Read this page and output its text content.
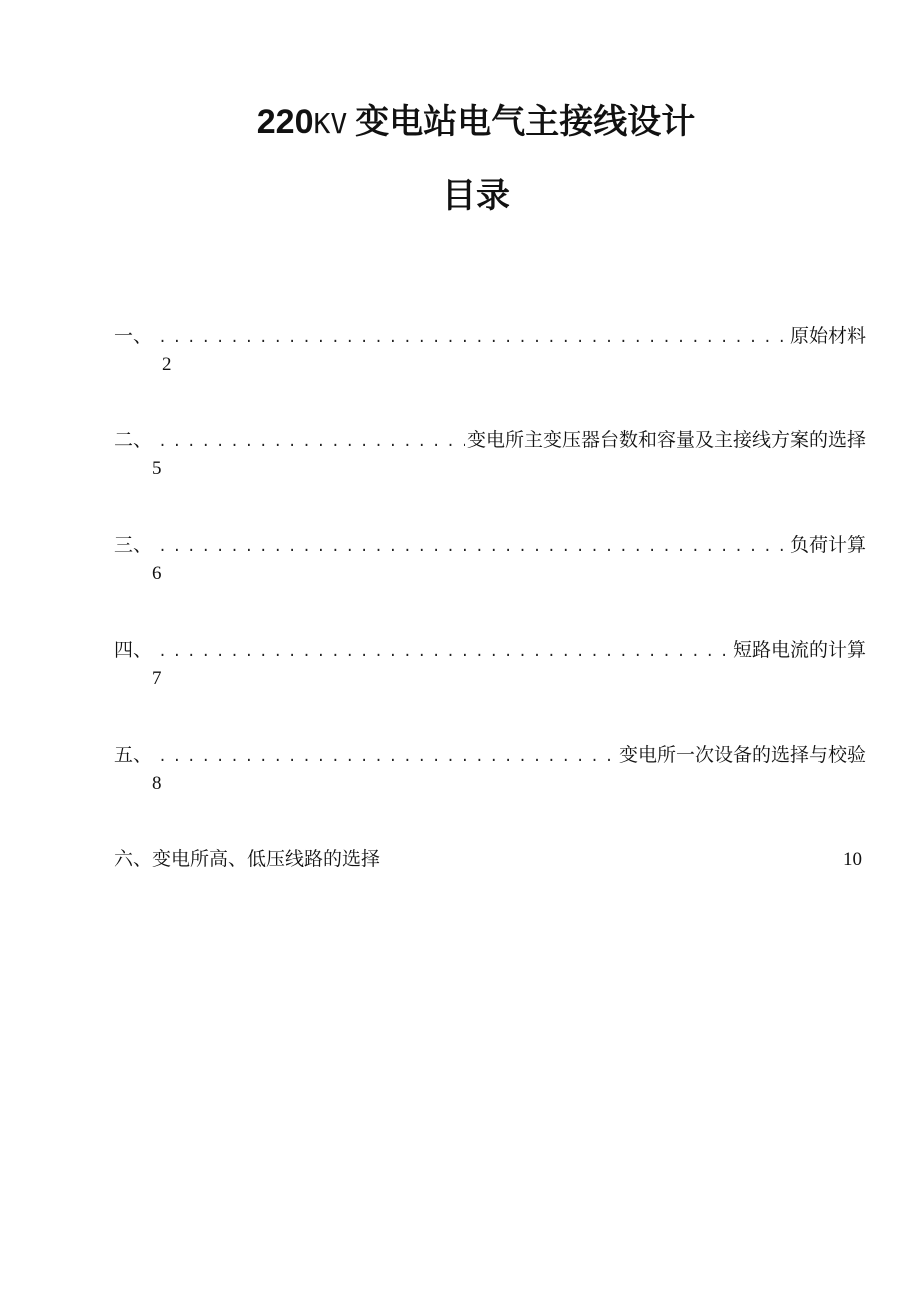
220KV 变电站电气主接线设计
目录
一、 .....	原始材料
2
二、 .....	变电所主变压器台数和容量及主接线方案的选择
5
三、 .....	负荷计算
6
四、 .....	短路电流的计算
7
五、 .....	变电所一次设备的选择与校验
8
六、 变电所高、低压线路的选择	10
